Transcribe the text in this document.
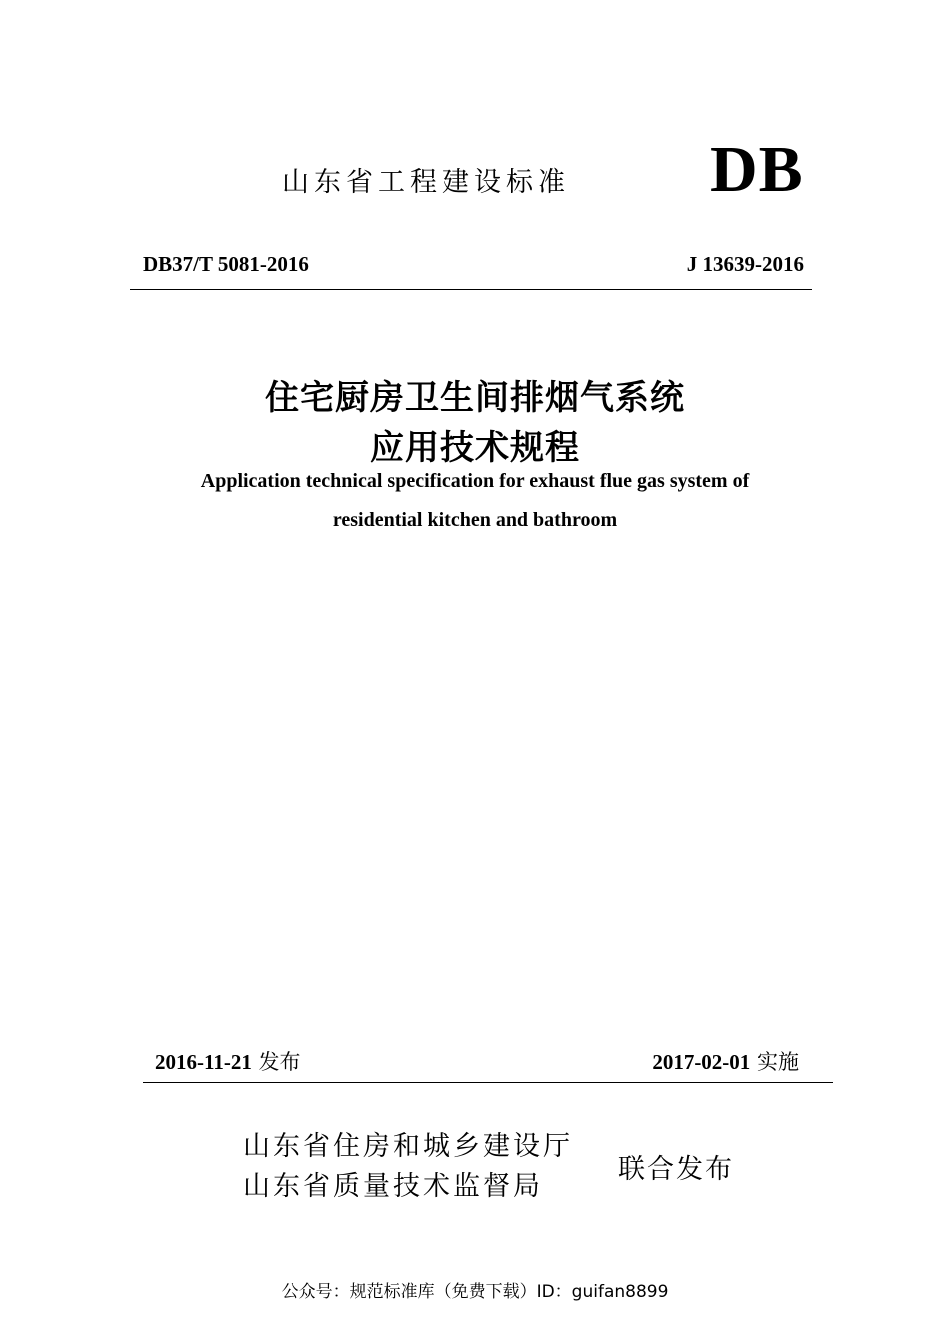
山东省工程建设标准 DB
DB37/T 5081-2016	J 13639-2016
住宅厨房卫生间排烟气系统
应用技术规程
Application technical specification for exhaust flue gas system of
residential kitchen and bathroom
2016-11-21 发布	2017-02-01 实施
山东省住房和城乡建设厅
山东省质量技术监督局
联合发布
公众号：规范标准库（免费下载）ID：guifan8899
